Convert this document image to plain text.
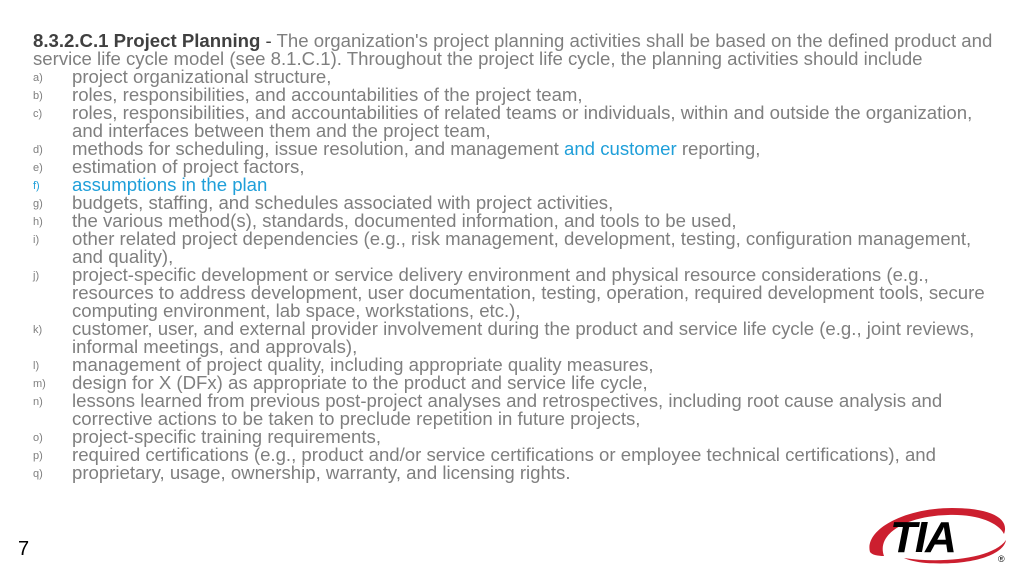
8.3.2.C.1 Project Planning - The organization's project planning activities shall be based on the defined product and service life cycle model (see 8.1.C.1). Throughout the project life cycle, the planning activities should include

a) project organizational structure,
b) roles, responsibilities, and accountabilities of the project team,
c) roles, responsibilities, and accountabilities of related teams or individuals, within and outside the organization, and interfaces between them and the project team,
d) methods for scheduling, issue resolution, and management and customer reporting,
e) estimation of project factors,
f) assumptions in the plan
g) budgets, staffing, and schedules associated with project activities,
h) the various method(s), standards, documented information, and tools to be used,
i) other related project dependencies (e.g., risk management, development, testing, configuration management, and quality),
j) project-specific development or service delivery environment and physical resource considerations (e.g., resources to address development, user documentation, testing, operation, required development tools, secure computing environment, lab space, workstations, etc.),
k) customer, user, and external provider involvement during the product and service life cycle (e.g., joint reviews, informal meetings, and approvals),
l) management of project quality, including appropriate quality measures,
m) design for X (DFx) as appropriate to the product and service life cycle,
n) lessons learned from previous post-project analyses and retrospectives, including root cause analysis and corrective actions to be taken to preclude repetition in future projects,
o) project-specific training requirements,
p) required certifications (e.g., product and/or service certifications or employee technical certifications), and
q) proprietary, usage, ownership, warranty, and licensing rights.
7	TIA	®
